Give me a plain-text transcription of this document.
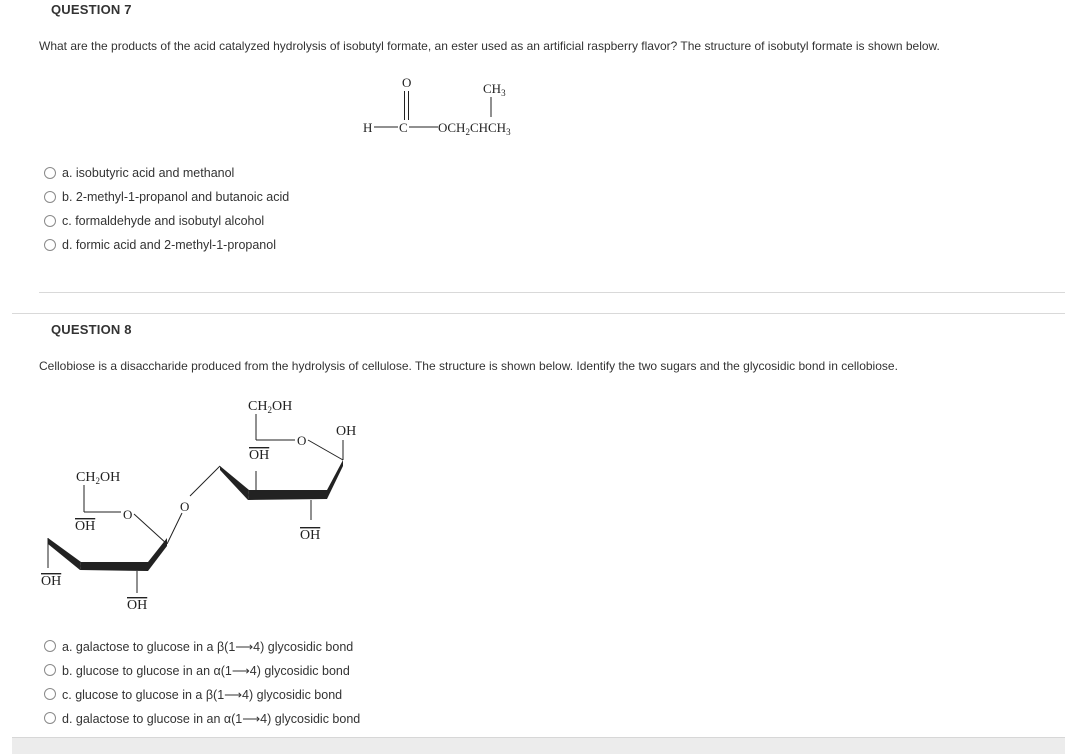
QUESTION 7
What are the products of the acid catalyzed hydrolysis of isobutyl formate, an ester used as an artificial raspberry flavor? The structure of isobutyl formate is shown below.
O	$CH_3$
H C $OCH_2CHCH_3$
a. isobutyric acid and methanol
b. 2-methyl-1-propanol and butanoic acid
c. formaldehyde and isobutyl alcohol
d. formic acid and 2-methyl-1-propanol
QUESTION 8
Cellobiose is a disaccharide produced from the hydrolysis of cellulose. The structure is shown below. Identify the two sugars and the glycosidic bond in cellobiose.
$CH_2OH$
O
OH
OH
OH
O
$CH_2OH$
O
OH
OH
OH
a. galactose to glucose in a β(1⟶4) glycosidic bond
b. glucose to glucose in an α(1⟶4) glycosidic bond
c. glucose to glucose in a β(1⟶4) glycosidic bond
d. galactose to glucose in an α(1⟶4) glycosidic bond
